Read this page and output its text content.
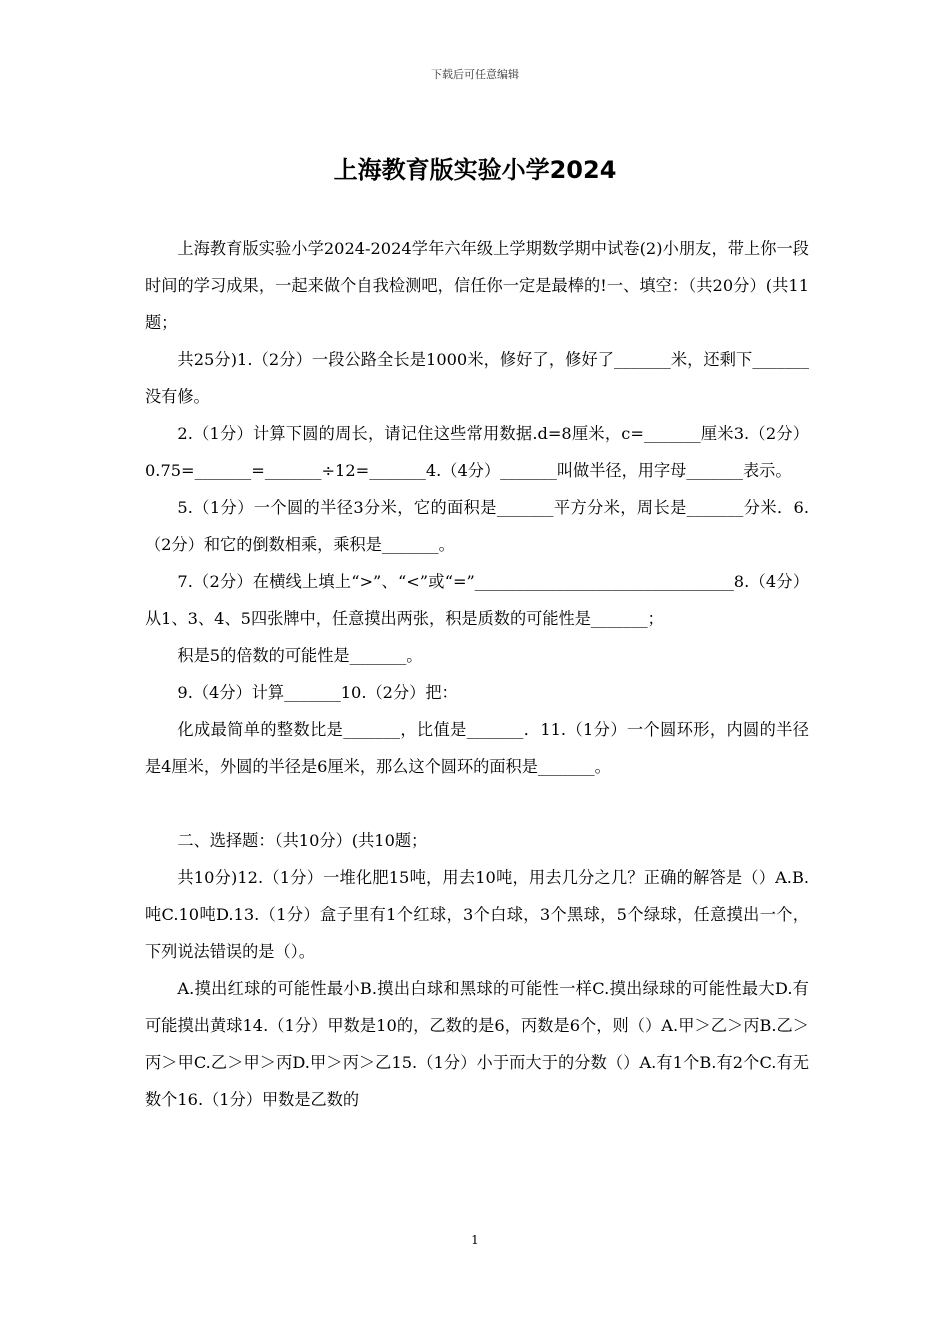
下载后可任意编辑
上海教育版实验小学2024

上海教育版实验小学2024-2024学年六年级上学期数学期中试卷(2)小朋友，带上你一段时间的学习成果，一起来做个自我检测吧，信任你一定是最棒的!一、填空：（共20分）(共11题；

共25分)1.（2分）一段公路全长是1000米，修好了，修好了_______米，还剩下_______没有修。

2.（1分）计算下圆的周长，请记住这些常用数据.d=8厘米，c=_______厘米3.（2分）0.75=_______=_______÷12=_______4.（4分）_______叫做半径，用字母_______表示。

5.（1分）一个圆的半径3分米，它的面积是_______平方分米，周长是_______分米．6.（2分）和它的倒数相乘，乘积是_______。

7.（2分）在横线上填上“>”、“<”或“=”________________________________8.（4分）从1、3、4、5四张牌中，任意摸出两张，积是质数的可能性是_______；

积是5的倍数的可能性是_______。

9.（4分）计算_______10.（2分）把：

化成最简单的整数比是_______，比值是_______．11.（1分）一个圆环形，内圆的半径是4厘米，外圆的半径是6厘米，那么这个圆环的面积是_______。

二、选择题：（共10分）(共10题；

共10分)12.（1分）一堆化肥15吨，用去10吨，用去几分之几？正确的解答是（）A.B.吨C.10吨D.13.（1分）盒子里有1个红球，3个白球，3个黑球，5个绿球，任意摸出一个，下列说法错误的是（）。

A.摸出红球的可能性最小B.摸出白球和黑球的可能性一样C.摸出绿球的可能性最大D.有可能摸出黄球14.（1分）甲数是10的，乙数的是6，丙数是6个，则（）A.甲＞乙＞丙B.乙＞丙＞甲C.乙＞甲＞丙D.甲＞丙＞乙15.（1分）小于而大于的分数（）A.有1个B.有2个C.有无数个16.（1分）甲数是乙数的

1
